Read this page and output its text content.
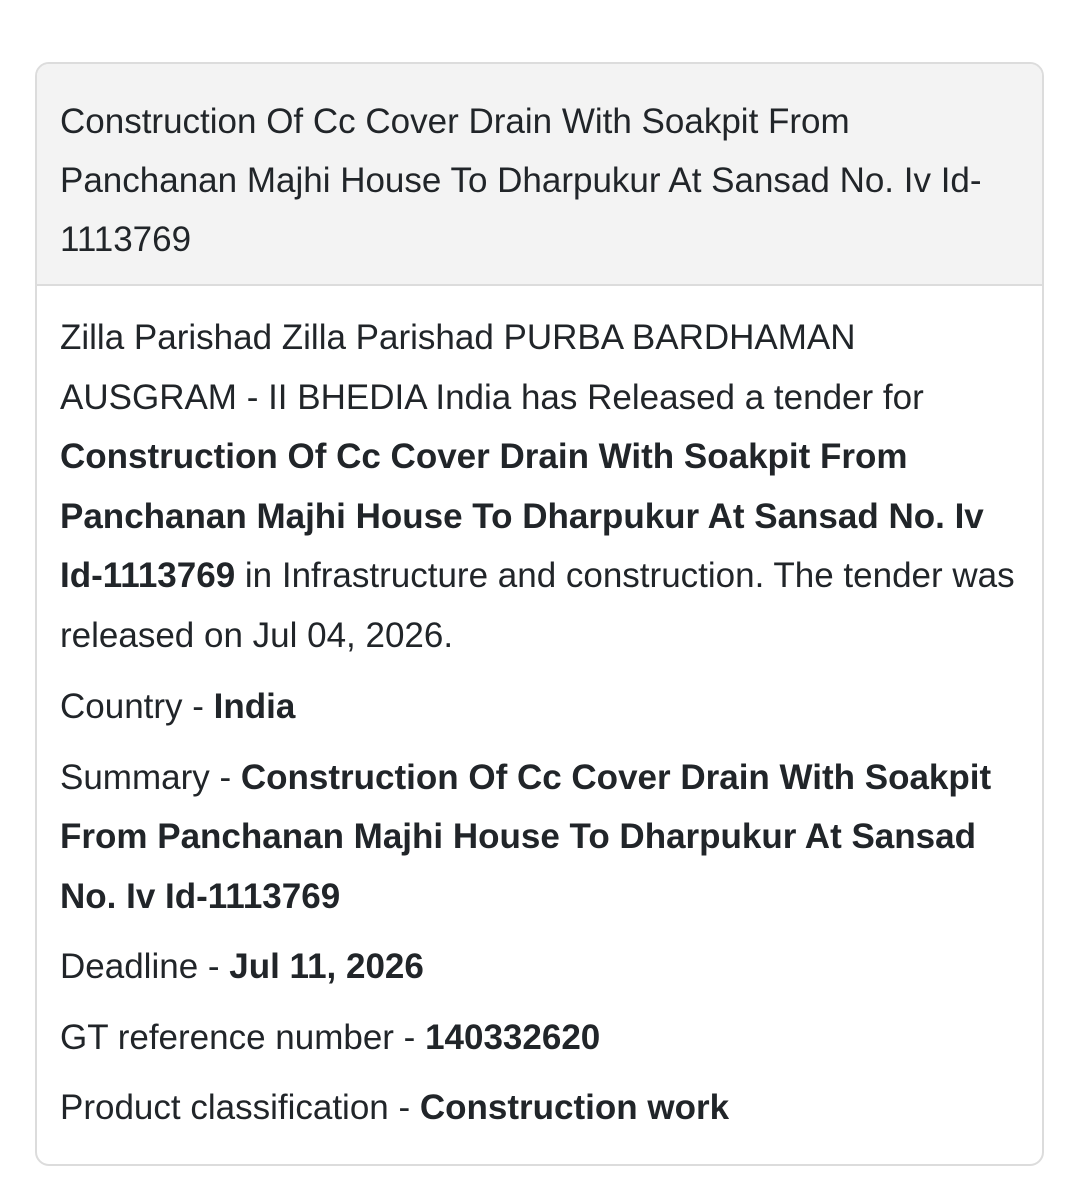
Construction Of Cc Cover Drain With Soakpit From Panchanan Majhi House To Dharpukur At Sansad No. Iv Id-1113769

Zilla Parishad Zilla Parishad PURBA BARDHAMAN AUSGRAM - II BHEDIA India has Released a tender for Construction Of Cc Cover Drain With Soakpit From Panchanan Majhi House To Dharpukur At Sansad No. Iv Id-1113769 in Infrastructure and construction. The tender was released on Jul 04, 2026.

Country - India

Summary - Construction Of Cc Cover Drain With Soakpit From Panchanan Majhi House To Dharpukur At Sansad No. Iv Id-1113769

Deadline - Jul 11, 2026

GT reference number - 140332620

Product classification - Construction work
